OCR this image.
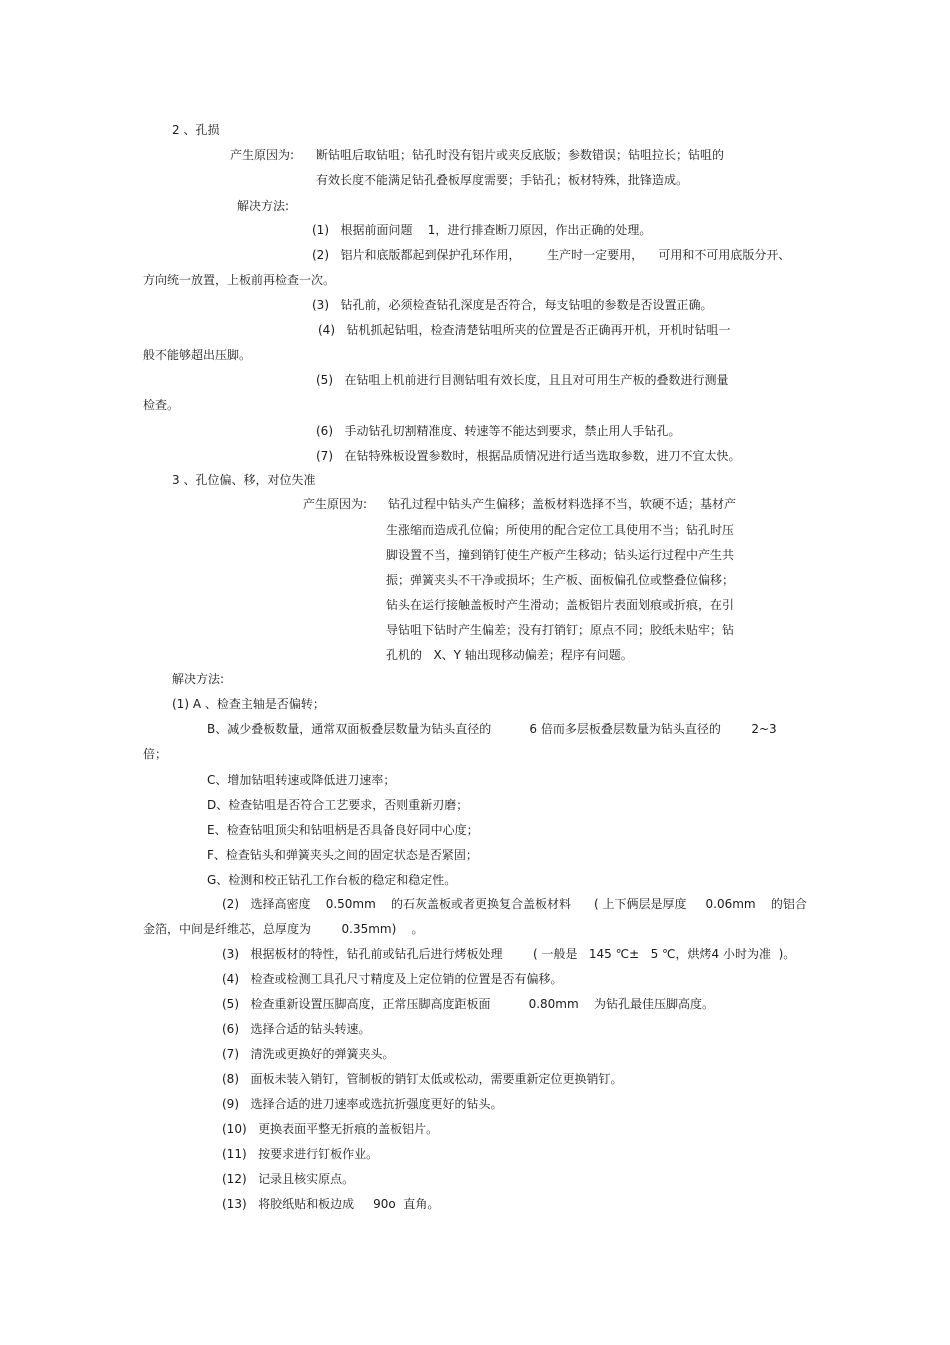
2 、孔损
产生原因为: 断钻咀后取钻咀；钻孔时没有铝片或夹反底版；参数错误；钻咀拉长；钻咀的
有效长度不能满足钻孔叠板厚度需要；手钻孔；板材特殊，批锋造成。
解决方法:
(1)   根据前面问题    1，进行排查断刀原因，作出正确的处理。
(2)   铝片和底版都起到保护孔环作用，       生产时一定要用，    可用和不可用底版分开、
方向统一放置，上板前再检查一次。
(3)   钻孔前，必须检查钻孔深度是否符合，每支钻咀的参数是否设置正确。
(4)   钻机抓起钻咀，检查清楚钻咀所夹的位置是否正确再开机，开机时钻咀一
般不能够超出压脚。
(5)   在钻咀上机前进行目测钻咀有效长度，且且对可用生产板的叠数进行测量
检查。
(6)   手动钻孔切割精准度、转速等不能达到要求，禁止用人手钻孔。
(7)   在钻特殊板设置参数时，根据品质情况进行适当选取参数，进刀不宜太快。
3 、孔位偏、移，对位失准
产生原因为: 钻孔过程中钻头产生偏移；盖板材料选择不当，软硬不适；基材产
生涨缩而造成孔位偏；所使用的配合定位工具使用不当；钻孔时压
脚设置不当，撞到销钉使生产板产生移动；钻头运行过程中产生共
振；弹簧夹头不干净或损坏；生产板、面板偏孔位或整叠位偏移；
钻头在运行接触盖板时产生滑动；盖板铝片表面划痕或折痕，在引
导钻咀下钻时产生偏差；没有打销钉；原点不同；胶纸未贴牢；钻
孔机的   X、Y 轴出现移动偏差；程序有问题。
解决方法:
(1) A 、检查主轴是否偏转；
B、减少叠板数量，通常双面板叠层数量为钻头直径的          6 倍而多层板叠层数量为钻头直径的        2~3
倍；
C、增加钻咀转速或降低进刀速率；
D、检查钻咀是否符合工艺要求，否则重新刃磨；
E、检查钻咀顶尖和钻咀柄是否具备良好同中心度；
F、检查钻头和弹簧夹头之间的固定状态是否紧固；
G、检测和校正钻孔工作台板的稳定和稳定性。
(2)   选择高密度    0.50mm    的石灰盖板或者更换复合盖板材料      ( 上下俩层是厚度     0.06mm    的铝合
金箔，中间是纤维芯，总厚度为        0.35mm)    。
(3)   根据板材的特性，钻孔前或钻孔后进行烤板处理        ( 一般是   145 ℃±   5 ℃，烘烤4 小时为准  )。
(4)   检查或检测工具孔尺寸精度及上定位销的位置是否有偏移。
(5)   检查重新设置压脚高度，正常压脚高度距板面          0.80mm    为钻孔最佳压脚高度。
(6)   选择合适的钻头转速。
(7)   清洗或更换好的弹簧夹头。
(8)   面板未装入销钉，管制板的销钉太低或松动，需要重新定位更换销钉。
(9)   选择合适的进刀速率或选抗折强度更好的钻头。
(10)   更换表面平整无折痕的盖板铝片。
(11)   按要求进行钉板作业。
(12)   记录且核实原点。
(13)   将胶纸贴和板边成     90o  直角。
